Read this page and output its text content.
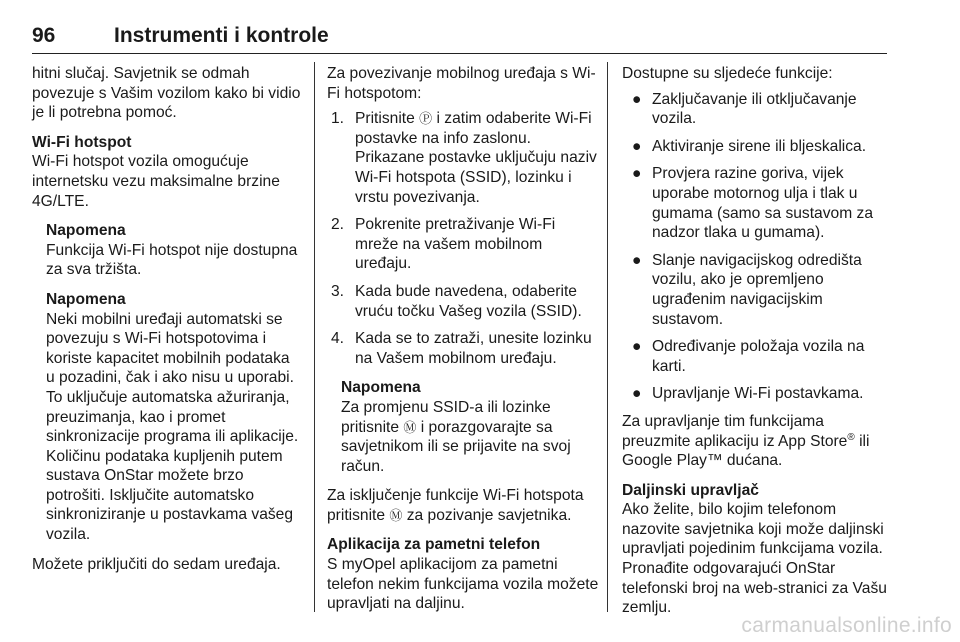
96	Instrumenti i kontrole

hitni slučaj. Savjetnik se odmah povezuje s Vašim vozilom kako bi vidio je li potrebna pomoć.

Wi-Fi hotspot

Wi-Fi hotspot vozila omogućuje internetsku vezu maksimalne brzine 4G/LTE.

Napomena
Funkcija Wi-Fi hotspot nije dostupna za sva tržišta.
Napomena
Neki mobilni uređaji automatski se povezuju s Wi-Fi hotspotovima i koriste kapacitet mobilnih podataka u pozadini, čak i ako nisu u uporabi. To uključuje automatska ažuriranja, preuzimanja, kao i promet sinkronizacije programa ili aplikacije. Količinu podataka kupljenih putem sustava OnStar možete brzo potrošiti. Isključite automatsko sinkroniziranje u postavkama vašeg vozila.

Možete priključiti do sedam uređaja.

Za povezivanje mobilnog uređaja s Wi-Fi hotspotom:

1. Pritisnite Ⓟ i zatim odaberite Wi-Fi postavke na info zaslonu. Prikazane postavke uključuju naziv Wi-Fi hotspota (SSID), lozinku i vrstu povezivanja.
2. Pokrenite pretraživanje Wi-Fi mreže na vašem mobilnom uređaju.
3. Kada bude navedena, odaberite vruću točku Vašeg vozila (SSID).
4. Kada se to zatraži, unesite lozinku na Vašem mobilnom uređaju.
Napomena
Za promjenu SSID-a ili lozinke pritisnite Ⓜ i porazgovarajte sa savjetnikom ili se prijavite na svoj račun.

Za isključenje funkcije Wi-Fi hotspota pritisnite Ⓜ za pozivanje savjetnika.

Aplikacija za pametni telefon

S myOpel aplikacijom za pametni telefon nekim funkcijama vozila možete upravljati na daljinu.

Dostupne su sljedeće funkcije:

● Zaključavanje ili otključavanje vozila.
● Aktiviranje sirene ili bljeskalica.
● Provjera razine goriva, vijek uporabe motornog ulja i tlak u gumama (samo sa sustavom za nadzor tlaka u gumama).
● Slanje navigacijskog odredišta vozilu, ako je opremljeno ugrađenim navigacijskim sustavom.
● Određivanje položaja vozila na karti.
● Upravljanje Wi-Fi postavkama.

Za upravljanje tim funkcijama preuzmite aplikaciju iz App Store® ili Google Play™ dućana.

Daljinski upravljač

Ako želite, bilo kojim telefonom nazovite savjetnika koji može daljinski upravljati pojedinim funkcijama vozila. Pronađite odgovarajući OnStar telefonski broj na web-stranici za Vašu zemlju.

carmanualsonline.info
